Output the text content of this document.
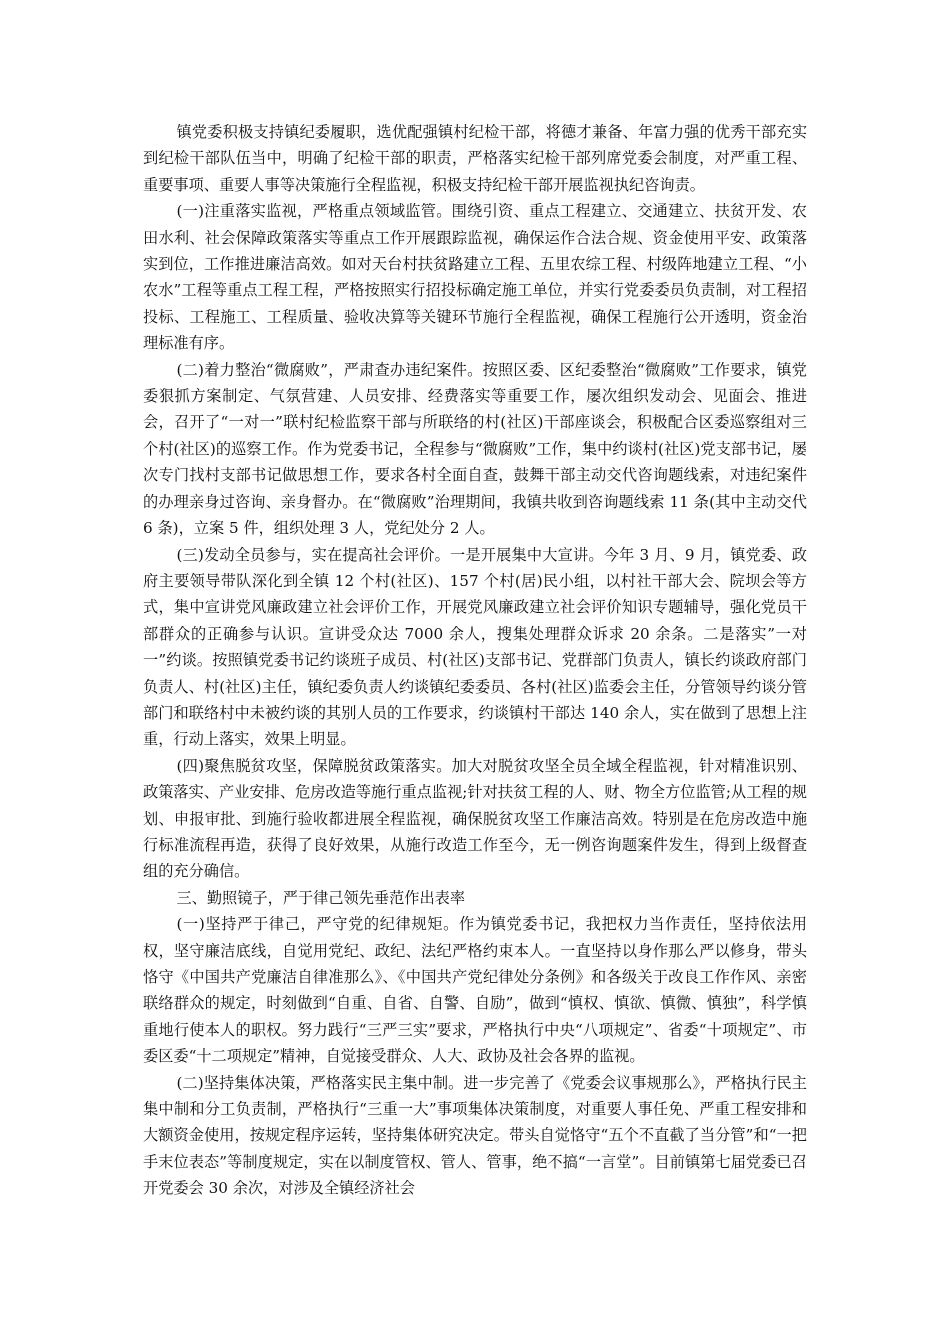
镇党委积极支持镇纪委履职，选优配强镇村纪检干部，将德才兼备、年富力强的优秀干部充实到纪检干部队伍当中，明确了纪检干部的职责，严格落实纪检干部列席党委会制度，对严重工程、重要事项、重要人事等决策施行全程监视，积极支持纪检干部开展监视执纪咨询责。

(一)注重落实监视，严格重点领域监管。围绕引资、重点工程建立、交通建立、扶贫开发、农田水利、社会保障政策落实等重点工作开展跟踪监视，确保运作合法合规、资金使用平安、政策落实到位，工作推进廉洁高效。如对天台村扶贫路建立工程、五里农综工程、村级阵地建立工程、“小农水”工程等重点工程工程，严格按照实行招投标确定施工单位，并实行党委委员负责制，对工程招投标、工程施工、工程质量、验收决算等关键环节施行全程监视，确保工程施行公开透明，资金治理标准有序。

(二)着力整治“微腐败”，严肃查办违纪案件。按照区委、区纪委整治“微腐败”工作要求，镇党委狠抓方案制定、气氛营建、人员安排、经费落实等重要工作，屡次组织发动会、见面会、推进会，召开了“一对一”联村纪检监察干部与所联络的村(社区)干部座谈会，积极配合区委巡察组对三个村(社区)的巡察工作。作为党委书记，全程参与“微腐败”工作，集中约谈村(社区)党支部书记，屡次专门找村支部书记做思想工作，要求各村全面自查，鼓舞干部主动交代咨询题线索，对违纪案件的办理亲身过咨询、亲身督办。在“微腐败”治理期间，我镇共收到咨询题线索 11 条(其中主动交代 6 条)，立案 5 件，组织处理 3 人，党纪处分 2 人。

(三)发动全员参与，实在提高社会评价。一是开展集中大宣讲。今年 3 月、9 月，镇党委、政府主要领导带队深化到全镇 12 个村(社区)、157 个村(居)民小组，以村社干部大会、院坝会等方式，集中宣讲党风廉政建立社会评价工作，开展党风廉政建立社会评价知识专题辅导，强化党员干部群众的正确参与认识。宣讲受众达 7000 余人，搜集处理群众诉求 20 余条。二是落实”一对一”约谈。按照镇党委书记约谈班子成员、村(社区)支部书记、党群部门负责人，镇长约谈政府部门负责人、村(社区)主任，镇纪委负责人约谈镇纪委委员、各村(社区)监委会主任，分管领导约谈分管部门和联络村中未被约谈的其别人员的工作要求，约谈镇村干部达 140 余人，实在做到了思想上注重，行动上落实，效果上明显。

(四)聚焦脱贫攻坚，保障脱贫政策落实。加大对脱贫攻坚全员全域全程监视，针对精准识别、政策落实、产业安排、危房改造等施行重点监视;针对扶贫工程的人、财、物全方位监管;从工程的规划、申报审批、到施行验收都进展全程监视，确保脱贫攻坚工作廉洁高效。特别是在危房改造中施行标准流程再造，获得了良好效果，从施行改造工作至今，无一例咨询题案件发生，得到上级督查组的充分确信。

三、勤照镜子，严于律己领先垂范作出表率

(一)坚持严于律己，严守党的纪律规矩。作为镇党委书记，我把权力当作责任，坚持依法用权，坚守廉洁底线，自觉用党纪、政纪、法纪严格约束本人。一直坚持以身作那么严以修身，带头恪守《中国共产党廉洁自律准那么》、《中国共产党纪律处分条例》和各级关于改良工作作风、亲密联络群众的规定，时刻做到“自重、自省、自警、自励”，做到“慎权、慎欲、慎微、慎独”，科学慎重地行使本人的职权。努力践行“三严三实”要求，严格执行中央“八项规定”、省委“十项规定”、市委区委“十二项规定”精神，自觉接受群众、人大、政协及社会各界的监视。

(二)坚持集体决策，严格落实民主集中制。进一步完善了《党委会议事规那么》，严格执行民主集中制和分工负责制，严格执行“三重一大”事项集体决策制度，对重要人事任免、严重工程安排和大额资金使用，按规定程序运转，坚持集体研究决定。带头自觉恪守“五个不直截了当分管”和“一把手末位表态”等制度规定，实在以制度管权、管人、管事，绝不搞“一言堂”。目前镇第七届党委已召开党委会 30 余次，对涉及全镇经济社会
